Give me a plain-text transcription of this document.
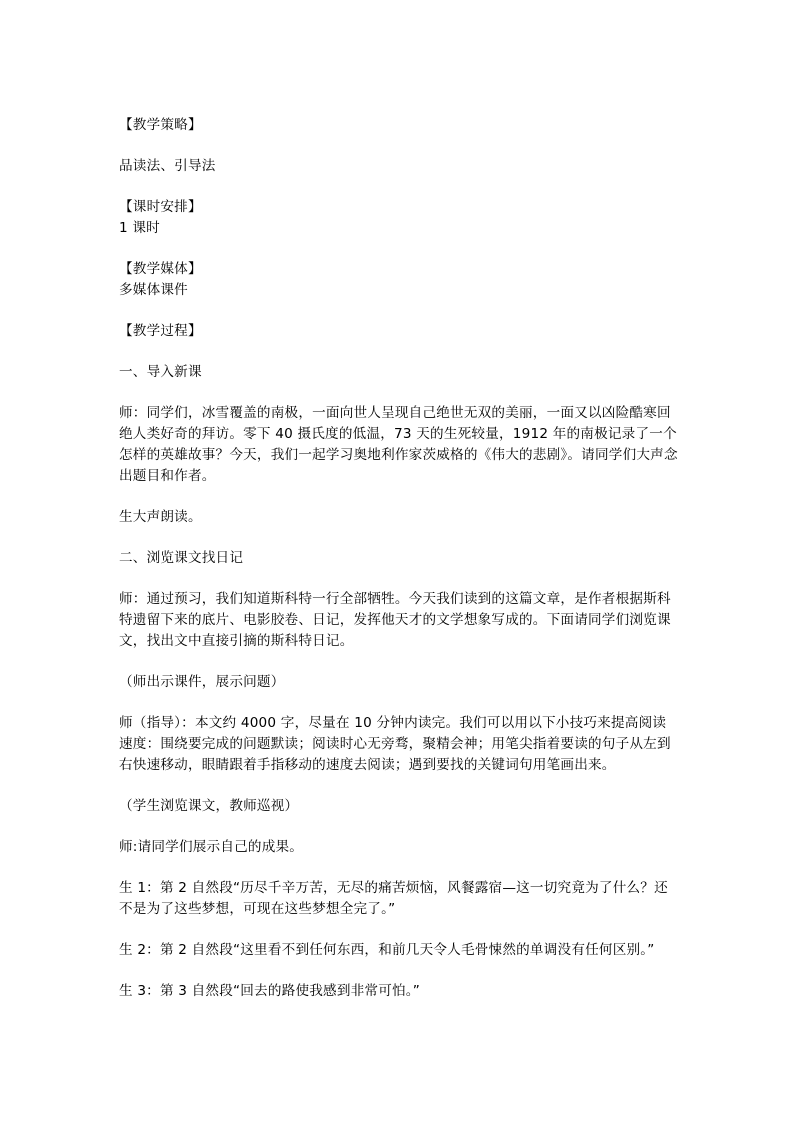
【教学策略】

品读法、引导法

【课时安排】

1 课时

【教学媒体】

多媒体课件

【教学过程】

一、导入新课

师：同学们，冰雪覆盖的南极，一面向世人呈现自己绝世无双的美丽，一面又以凶险酷寒回绝人类好奇的拜访。零下 40 摄氏度的低温，73 天的生死较量，1912 年的南极记录了一个怎样的英雄故事？今天，我们一起学习奥地利作家茨威格的《伟大的悲剧》。请同学们大声念出题目和作者。

生大声朗读。

二、浏览课文找日记

师：通过预习，我们知道斯科特一行全部牺牲。今天我们读到的这篇文章，是作者根据斯科特遗留下来的底片、电影胶卷、日记，发挥他天才的文学想象写成的。下面请同学们浏览课文，找出文中直接引摘的斯科特日记。

（师出示课件，展示问题）

师（指导）：本文约 4000 字，尽量在 10 分钟内读完。我们可以用以下小技巧来提高阅读速度：围绕要完成的问题默读；阅读时心无旁骛，聚精会神；用笔尖指着要读的句子从左到右快速移动，眼睛跟着手指移动的速度去阅读；遇到要找的关键词句用笔画出来。

（学生浏览课文，教师巡视）

师:请同学们展示自己的成果。

生 1：第 2 自然段“历尽千辛万苦，无尽的痛苦烦恼，风餐露宿—这一切究竟为了什么？还不是为了这些梦想，可现在这些梦想全完了。”

生 2：第 2 自然段“这里看不到任何东西，和前几天令人毛骨悚然的单调没有任何区别。”

生 3：第 3 自然段“回去的路使我感到非常可怕。”
